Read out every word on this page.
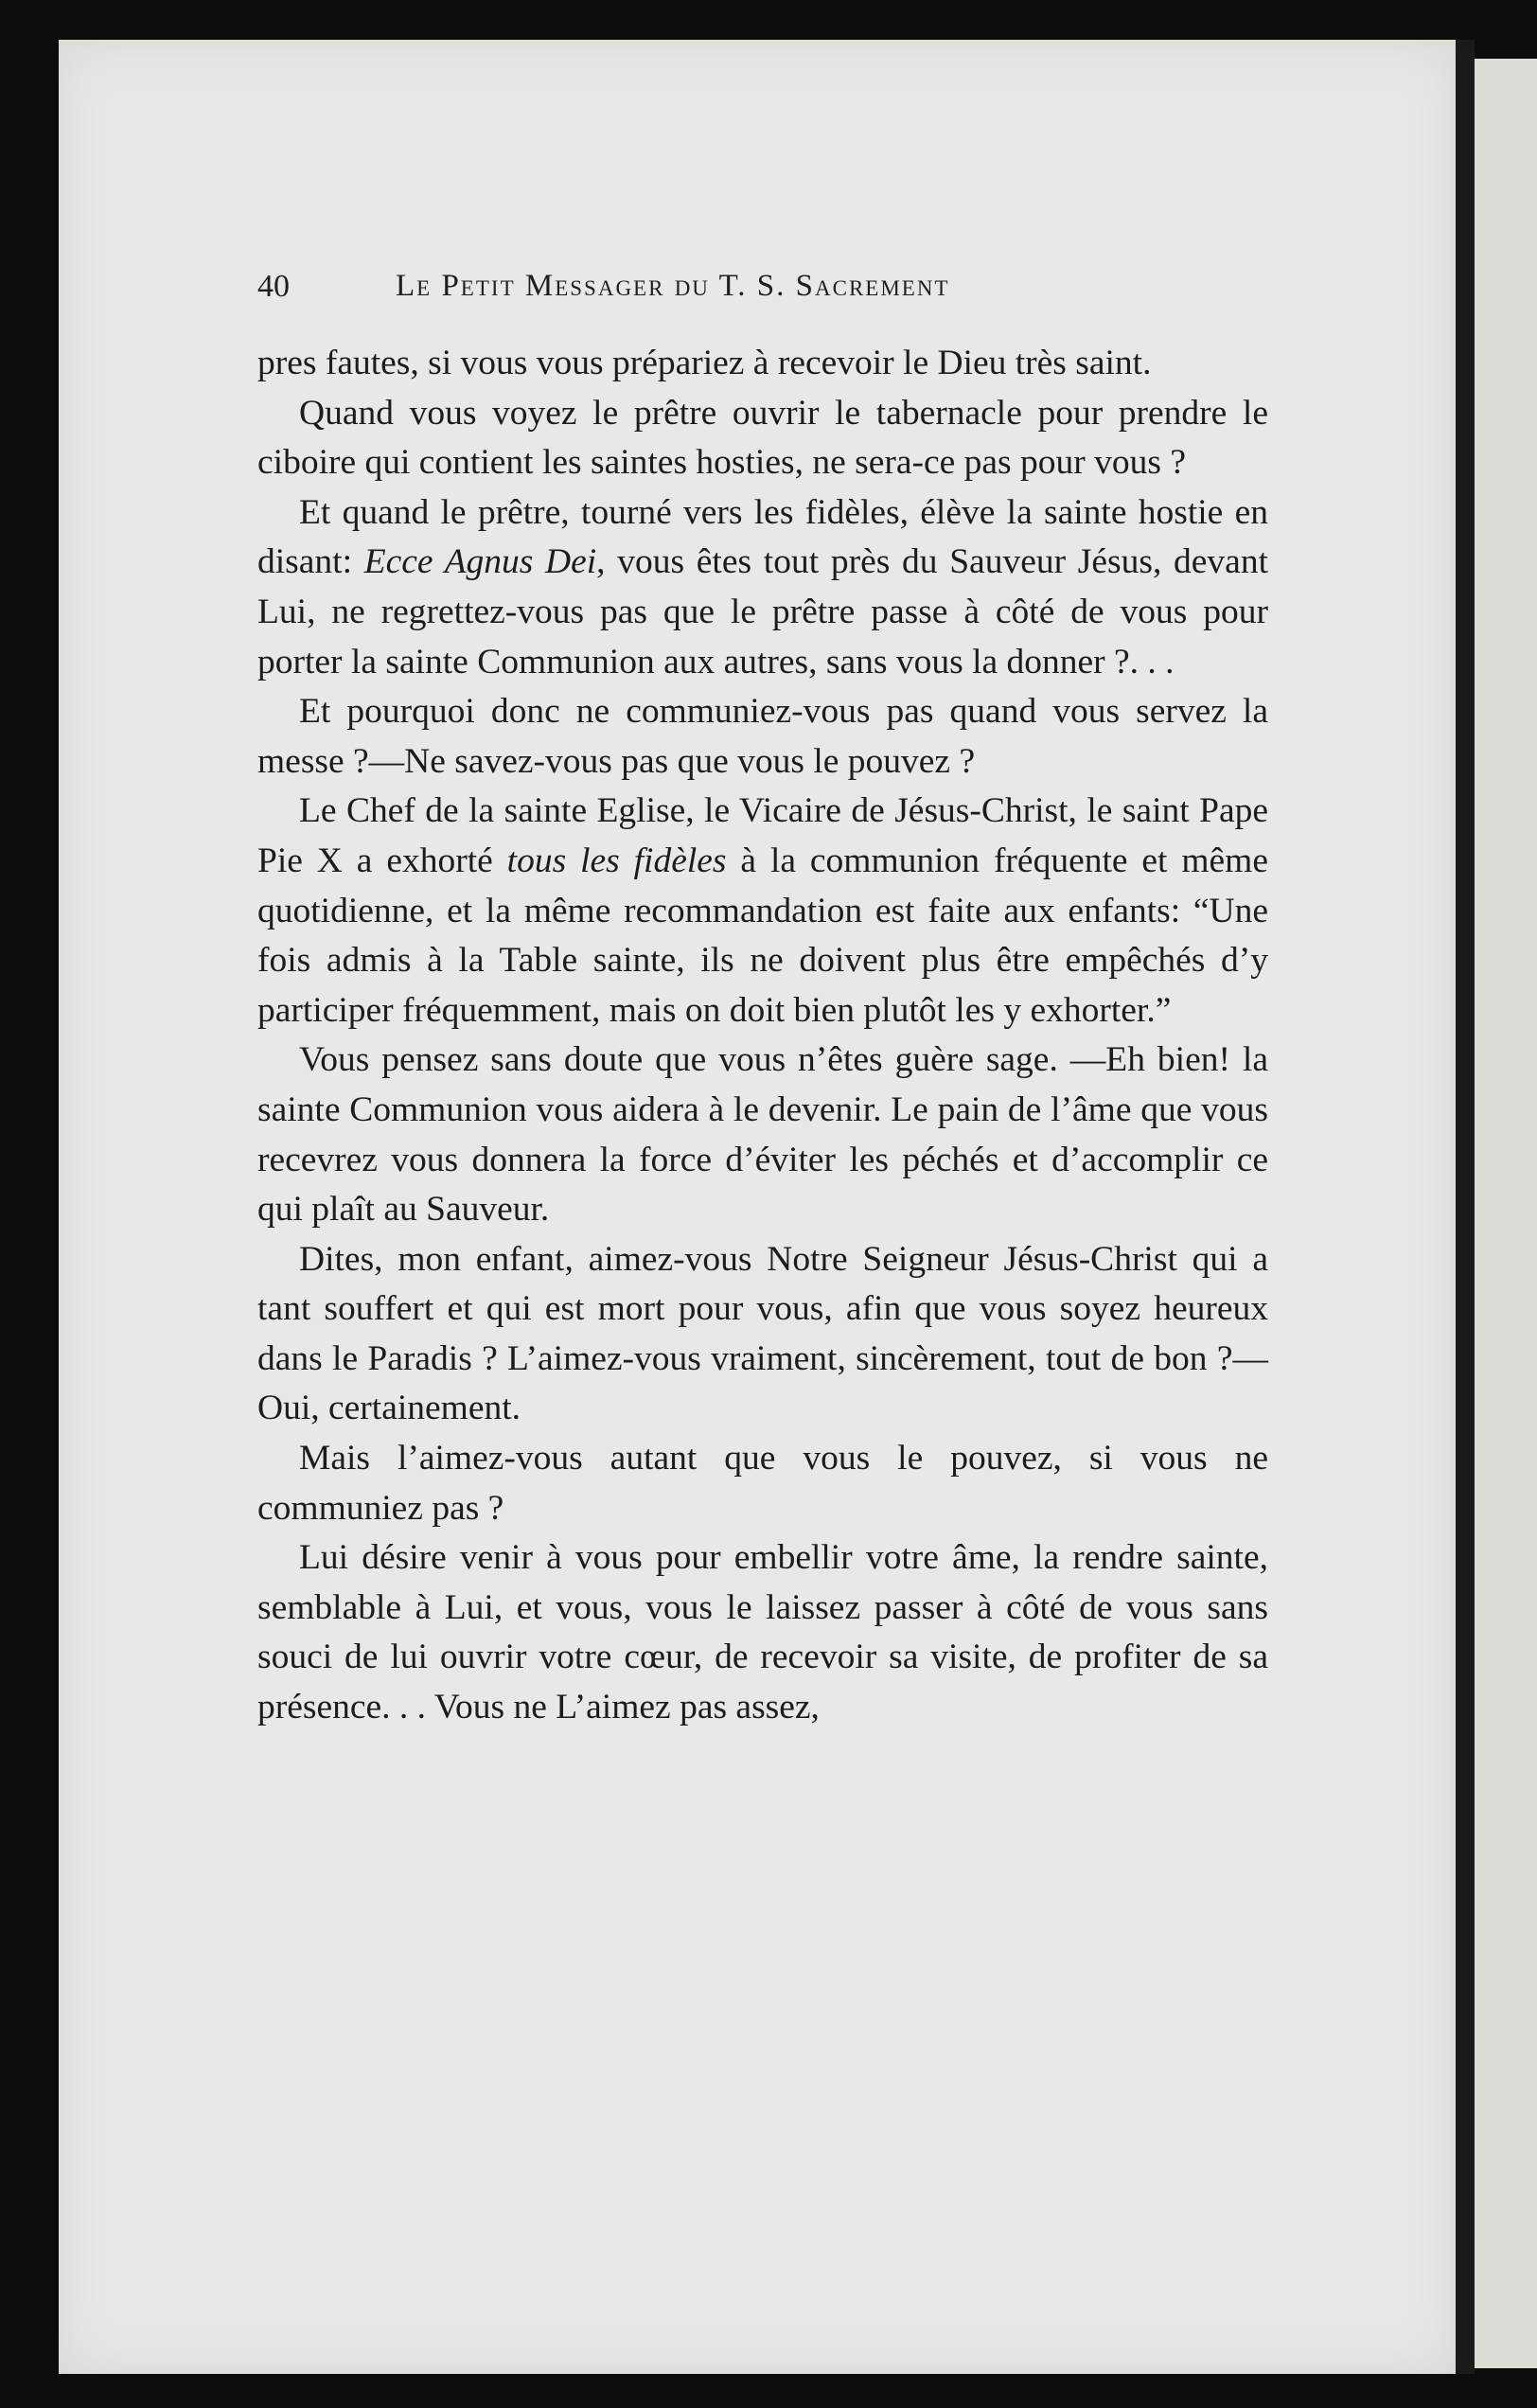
40	Le Petit Messager du T. S. Sacrement

pres fautes, si vous vous prépariez à recevoir le Dieu très saint.

Quand vous voyez le prêtre ouvrir le tabernacle pour prendre le ciboire qui contient les saintes hosties, ne sera-ce pas pour vous ?

Et quand le prêtre, tourné vers les fidèles, élève la sainte hostie en disant: Ecce Agnus Dei, vous êtes tout près du Sauveur Jésus, devant Lui, ne regrettez-vous pas que le prêtre passe à côté de vous pour porter la sainte Communion aux autres, sans vous la donner ?. . .

Et pourquoi donc ne communiez-vous pas quand vous servez la messe ?—Ne savez-vous pas que vous le pouvez ?

Le Chef de la sainte Eglise, le Vicaire de Jésus-Christ, le saint Pape Pie X a exhorté tous les fidèles à la communion fréquente et même quotidienne, et la même recommandation est faite aux enfants: “Une fois admis à la Table sainte, ils ne doivent plus être empêchés d’y participer fréquemment, mais on doit bien plutôt les y exhorter.”

Vous pensez sans doute que vous n’êtes guère sage. —Eh bien! la sainte Communion vous aidera à le devenir. Le pain de l’âme que vous recevrez vous donnera la force d’éviter les péchés et d’accomplir ce qui plaît au Sauveur.

Dites, mon enfant, aimez-vous Notre Seigneur Jésus-Christ qui a tant souffert et qui est mort pour vous, afin que vous soyez heureux dans le Paradis ? L’aimez-vous vraiment, sincèrement, tout de bon ?—Oui, certainement.

Mais l’aimez-vous autant que vous le pouvez, si vous ne communiez pas ?

Lui désire venir à vous pour embellir votre âme, la rendre sainte, semblable à Lui, et vous, vous le laissez passer à côté de vous sans souci de lui ouvrir votre cœur, de recevoir sa visite, de profiter de sa présence. . . Vous ne L’aimez pas assez,
